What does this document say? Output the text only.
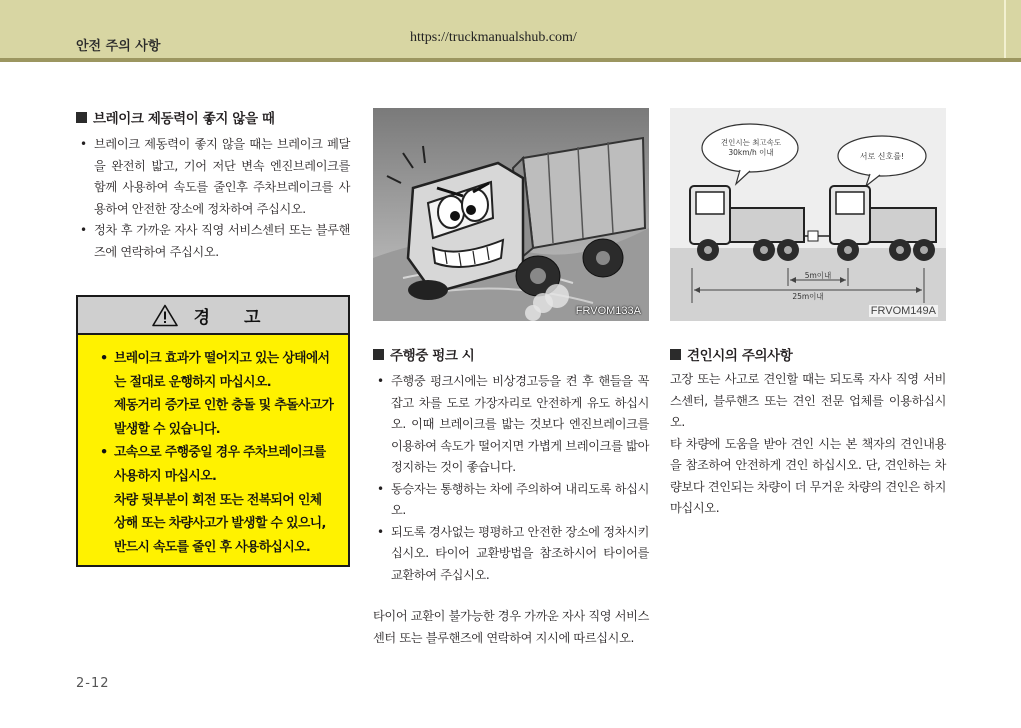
안전 주의 사항
https://truckmanualshub.com/
브레이크 제동력이 좋지 않을 때
• 브레이크 제동력이 좋지 않을 때는 브레이크 페달을 완전히 밟고, 기어 저단 변속 엔진브레이크를 함께 사용하여 속도를 줄인후 주차브레이크를 사용하여 안전한 장소에 정차하여 주십시오.
• 정차 후 가까운 자사 직영 서비스센터 또는 블루핸즈에 연락하여 주십시오.
경 고
• 브레이크 효과가 떨어지고 있는 상태에서는 절대로 운행하지 마십시오.
제동거리 증가로 인한 충돌 및 추돌사고가 발생할 수 있습니다.
• 고속으로 주행중일 경우 주차브레이크를 사용하지 마십시오.
차량 뒷부분이 회전 또는 전복되어 인체 상해 또는 차량사고가 발생할 수 있으니, 반드시 속도를 줄인 후 사용하십시오.
FRVOM133A
주행중 펑크 시
• 주행중 펑크시에는 비상경고등을 켠 후 핸들을 꼭 잡고 차를 도로 가장자리로 안전하게 유도 하십시오. 이때 브레이크를 밟는 것보다 엔진브레이크를 이용하여 속도가 떨어지면 가볍게 브레이크를 밟아 정지하는 것이 좋습니다.
• 동승자는 통행하는 차에 주의하여 내리도록 하십시오.
• 되도록 경사없는 평평하고 안전한 장소에 정차시키십시오. 타이어 교환방법을 참조하시어 타이어를 교환하여 주십시오.

타이어 교환이 불가능한 경우 가까운 자사 직영 서비스센터 또는 블루핸즈에 연락하여 지시에 따르십시오.

견인시는 최고속도 30km/h 이내	서로 신호를!
5m이내
25m이내
FRVOM149A
견인시의 주의사항

고장 또는 사고로 견인할 때는 되도록 자사 직영 서비스센터, 블루핸즈 또는 견인 전문 업체를 이용하십시오.

타 차량에 도움을 받아 견인 시는 본 책자의 견인내용을 참조하여 안전하게 견인 하십시오. 단, 견인하는 차량보다 견인되는 차량이 더 무거운 차량의 견인은 하지 마십시오.

2-12
